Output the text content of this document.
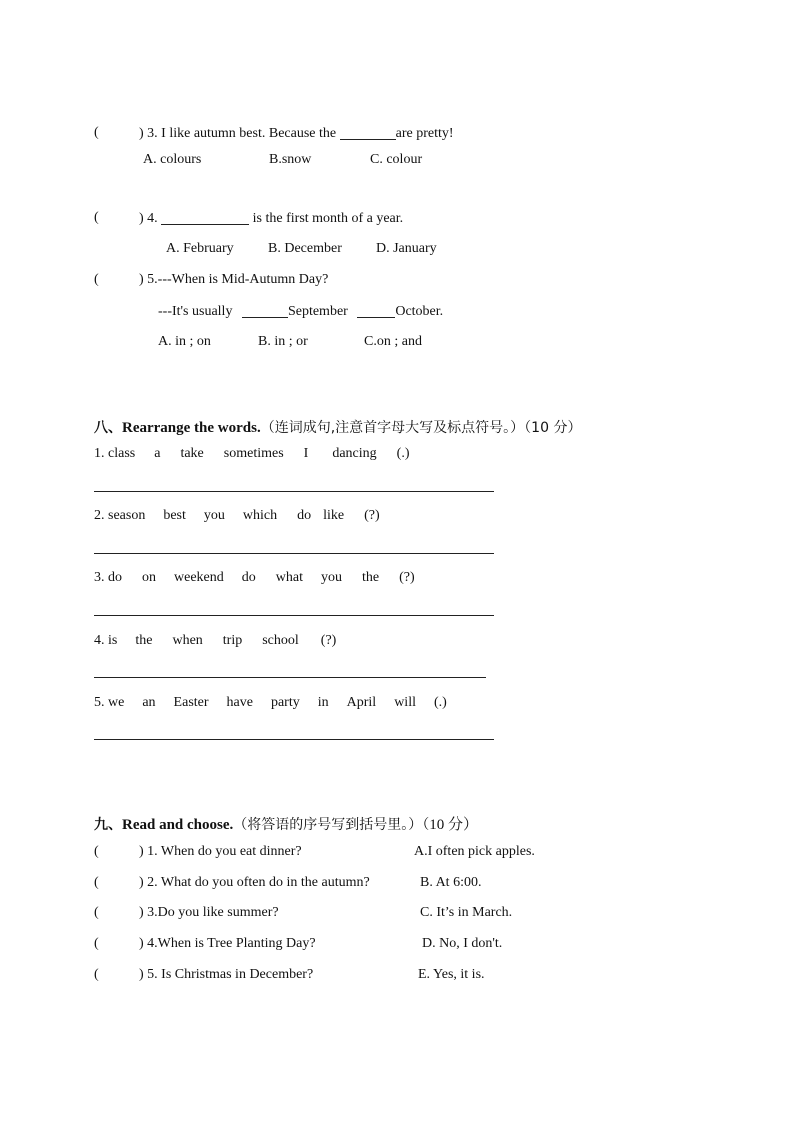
(	) 3. I like autumn best. Because the	are pretty!
A. colours	B.snow	C. colour
(	) 4.	is the first month of a year.
A. February B. December D. January
(	) 5.---When is Mid-Autumn Day?
---It's usually	September	October.
A. in ; on	B. in ; or	C.on ; and
八、Rearrange the words.（连词成句,注意首字母大写及标点符号。）（10 分）
1. class a take sometimes I dancing (.)
2. season best you which do like (?)
3. do on weekend do what you the (?)
4. is the when trip school (?)
5. we an Easter have party in April will (.)
九、Read and choose.（将答语的序号写到括号里。）（10 分）
(	) 1. When do you eat dinner?	A.I often pick apples.
(	) 2. What do you often do in the autumn?	B. At 6:00.
(	) 3.Do you like summer?	C. It’s in March.
(	) 4.When is Tree Planting Day?	D. No, I don't.
(	) 5. Is Christmas in December?	E. Yes, it is.
